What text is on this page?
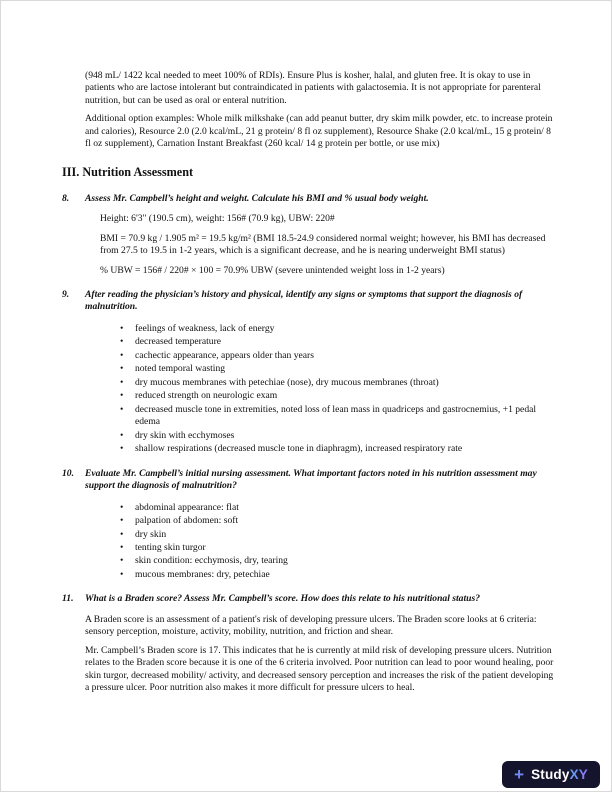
(948 mL/ 1422 kcal needed to meet 100% of RDIs). Ensure Plus is kosher, halal, and gluten free. It is okay to use in patients who are lactose intolerant but contraindicated in patients with galactosemia. It is not appropriate for parenteral nutrition, but can be used as oral or enteral nutrition.

Additional option examples: Whole milk milkshake (can add peanut butter, dry skim milk powder, etc. to increase protein and calories), Resource 2.0 (2.0 kcal/mL, 21 g protein/ 8 fl oz supplement), Resource Shake (2.0 kcal/mL, 15 g protein/ 8 fl oz supplement), Carnation Instant Breakfast (260 kcal/ 14 g protein per bottle, or use mix)

III. Nutrition Assessment
8.	Assess Mr. Campbell’s height and weight. Calculate his BMI and % usual body weight.

Height: 6'3" (190.5 cm), weight: 156# (70.9 kg), UBW: 220#

BMI = 70.9 kg / 1.905 m² = 19.5 kg/m² (BMI 18.5-24.9 considered normal weight; however, his BMI has decreased from 27.5 to 19.5 in 1-2 years, which is a significant decrease, and he is nearing underweight BMI status)

% UBW = 156# / 220# × 100 = 70.9% UBW (severe unintended weight loss in 1-2 years)

9.	After reading the physician’s history and physical, identify any signs or symptoms that support the diagnosis of malnutrition.
• feelings of weakness, lack of energy
• decreased temperature
• cachectic appearance, appears older than years
• noted temporal wasting
• dry mucous membranes with petechiae (nose), dry mucous membranes (throat)
• reduced strength on neurologic exam
• decreased muscle tone in extremities, noted loss of lean mass in quadriceps and gastrocnemius, +1 pedal edema
• dry skin with ecchymoses
• shallow respirations (decreased muscle tone in diaphragm), increased respiratory rate
10.	Evaluate Mr. Campbell’s initial nursing assessment. What important factors noted in his nutrition assessment may support the diagnosis of malnutrition?
• abdominal appearance: flat
• palpation of abdomen: soft
• dry skin
• tenting skin turgor
• skin condition: ecchymosis, dry, tearing
• mucous membranes: dry, petechiae
11.	What is a Braden score? Assess Mr. Campbell’s score. How does this relate to his nutritional status?

A Braden score is an assessment of a patient's risk of developing pressure ulcers. The Braden score looks at 6 criteria: sensory perception, moisture, activity, mobility, nutrition, and friction and shear.

Mr. Campbell’s Braden score is 17. This indicates that he is currently at mild risk of developing pressure ulcers. Nutrition relates to the Braden score because it is one of the 6 criteria involved. Poor nutrition can lead to poor wound healing, poor skin turgor, decreased mobility/ activity, and decreased sensory perception and increases the risk of the patient developing a pressure ulcer. Poor nutrition also makes it more difficult for pressure ulcers to heal.

+ StudyXY
